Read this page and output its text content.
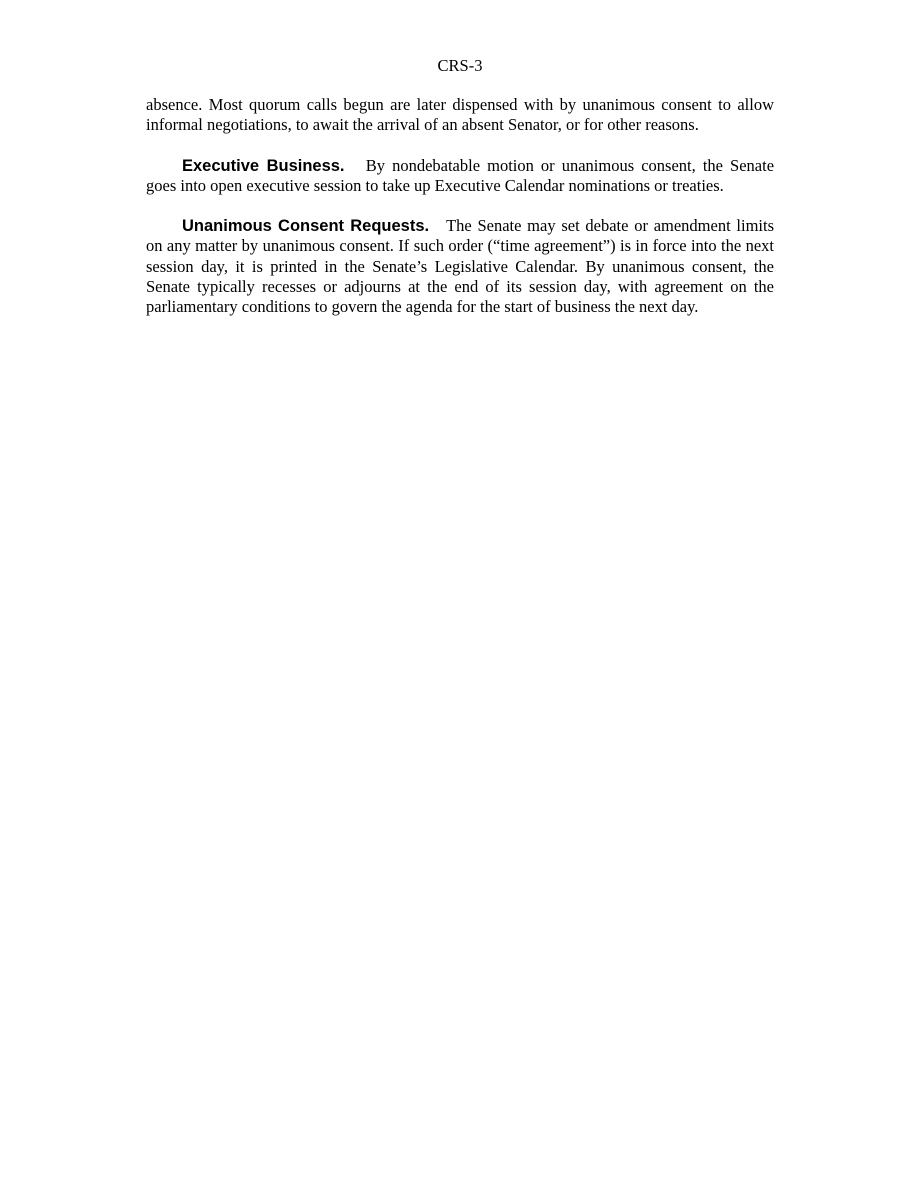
CRS-3

absence. Most quorum calls begun are later dispensed with by unanimous consent to allow informal negotiations, to await the arrival of an absent Senator, or for other reasons.

Executive Business. By nondebatable motion or unanimous consent, the Senate goes into open executive session to take up Executive Calendar nominations or treaties.

Unanimous Consent Requests. The Senate may set debate or amendment limits on any matter by unanimous consent. If such order (“time agreement”) is in force into the next session day, it is printed in the Senate’s Legislative Calendar. By unanimous consent, the Senate typically recesses or adjourns at the end of its session day, with agreement on the parliamentary conditions to govern the agenda for the start of business the next day.
